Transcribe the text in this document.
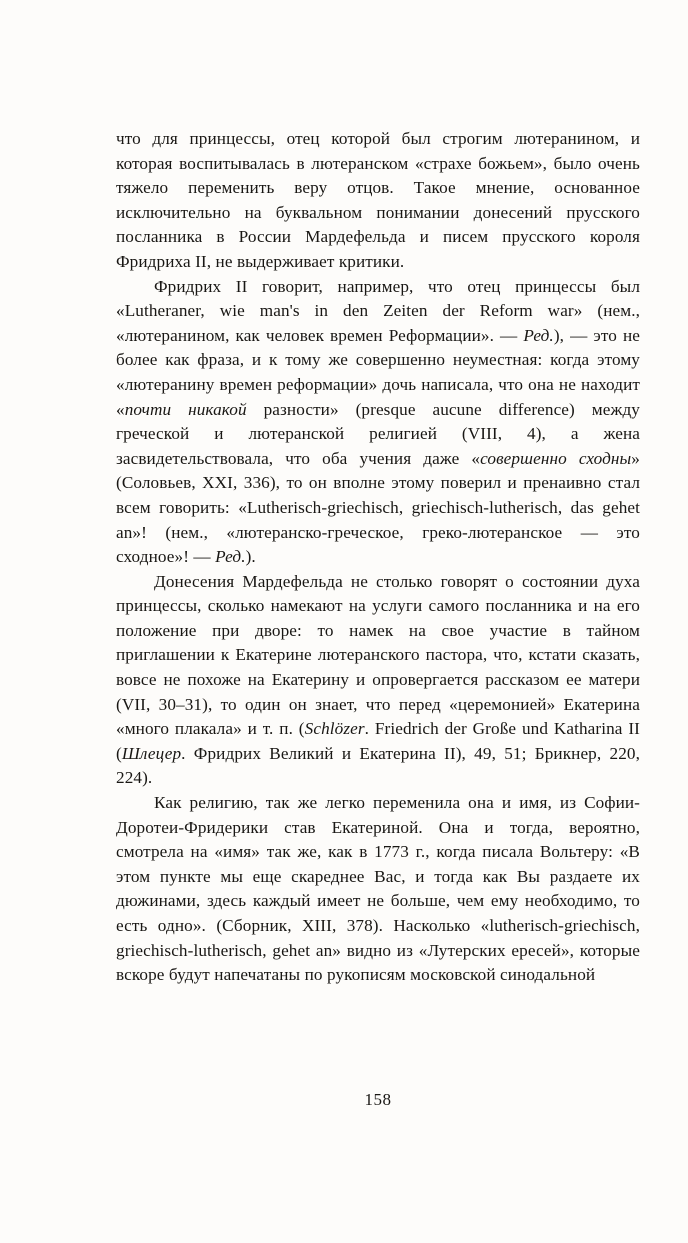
что для принцессы, отец которой был строгим лютеранином, и которая воспитывалась в лютеранском «страхе божьем», было очень тяжело переменить веру отцов. Такое мнение, основанное исключительно на буквальном понимании донесений прусского посланника в России Мардефельда и писем прусского короля Фридриха II, не выдерживает критики.

Фридрих II говорит, например, что отец принцессы был «Lutheraner, wie man's in den Zeiten der Reform war» (нем., «лютеранином, как человек времен Реформации». — Ред.), — это не более как фраза, и к тому же совершенно неуместная: когда этому «лютеранину времен реформации» дочь написала, что она не находит «почти никакой разности» (presque aucune difference) между греческой и лютеранской религией (VIII, 4), а жена засвидетельствовала, что оба учения даже «совершенно сходны» (Соловьев, XXI, 336), то он вполне этому поверил и пренаивно стал всем говорить: «Lutherisch-griechisch, griechisch-lutherisch, das gehet an»! (нем., «лютеранско-греческое, греко-лютеранское — это сходное»! — Ред.).

Донесения Мардефельда не столько говорят о состоянии духа принцессы, сколько намекают на услуги самого посланника и на его положение при дворе: то намек на свое участие в тайном приглашении к Екатерине лютеранского пастора, что, кстати сказать, вовсе не похоже на Екатерину и опровергается рассказом ее матери (VII, 30–31), то один он знает, что перед «церемонией» Екатерина «много плакала» и т. п. (Schlözer. Friedrich der Große und Katharina II (Шлецер. Фридрих Великий и Екатерина II), 49, 51; Брикнер, 220, 224).

Как религию, так же легко переменила она и имя, из Софии-Доротеи-Фридерики став Екатериной. Она и тогда, вероятно, смотрела на «имя» так же, как в 1773 г., когда писала Вольтеру: «В этом пункте мы еще скареднее Вас, и тогда как Вы раздаете их дюжинами, здесь каждый имеет не больше, чем ему необходимо, то есть одно». (Сборник, XIII, 378). Насколько «lutherisch-griechisch, griechisch-lutherisch, gehet an» видно из «Лутерских ересей», которые вскоре будут напечатаны по рукописям московской синодальной

158
